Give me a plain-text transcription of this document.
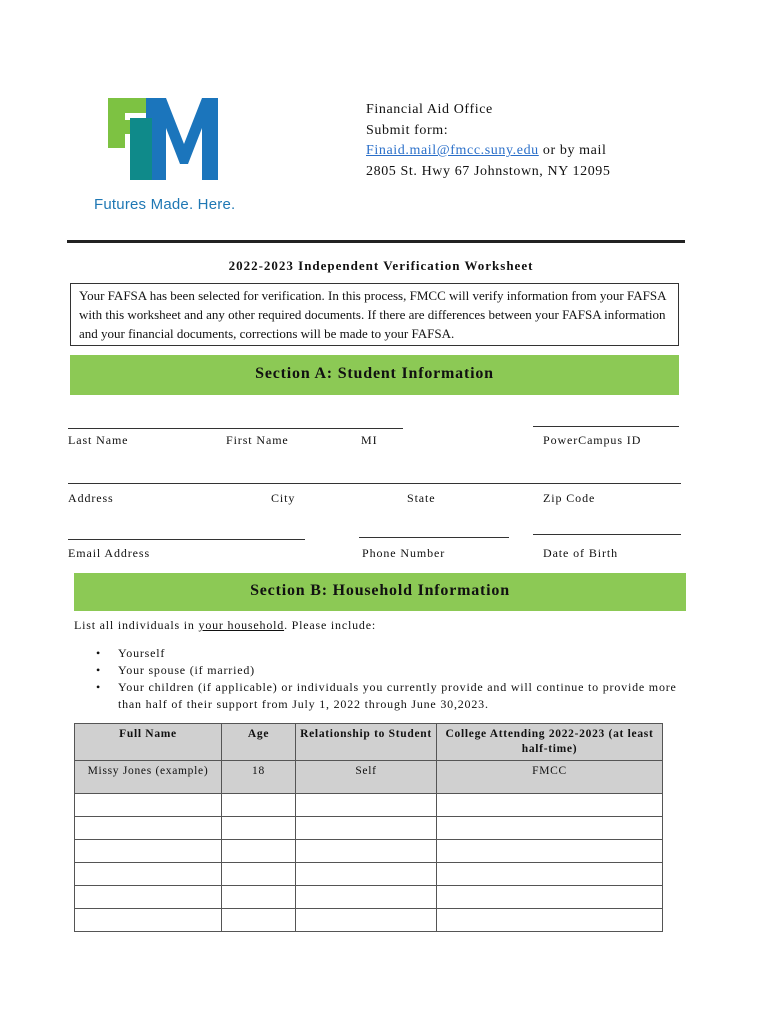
Futures Made. Here.
Financial Aid Office
Submit form:
Finaid.mail@fmcc.suny.edu or by mail
2805 St. Hwy 67 Johnstown, NY 12095
2022-2023 Independent Verification Worksheet
Your FAFSA has been selected for verification. In this process, FMCC will verify information from your FAFSA with this worksheet and any other required documents. If there are differences between your FAFSA information and your financial documents, corrections will be made to your FAFSA.
Section A: Student Information
Last Name	First Name	MI	PowerCampus ID
Address	City	State	Zip Code
Email Address	Phone Number	Date of Birth
Section B: Household Information
List all individuals in your household. Please include:
• Yourself
• Your spouse (if married)
• Your children (if applicable) or individuals you currently provide and will continue to provide more than half of their support from July 1, 2022 through June 30,2023.
Full Name	Age	Relationship to Student	College Attending 2022-2023 (at least half-time)
Missy Jones (example)	18	Self	FMCC
